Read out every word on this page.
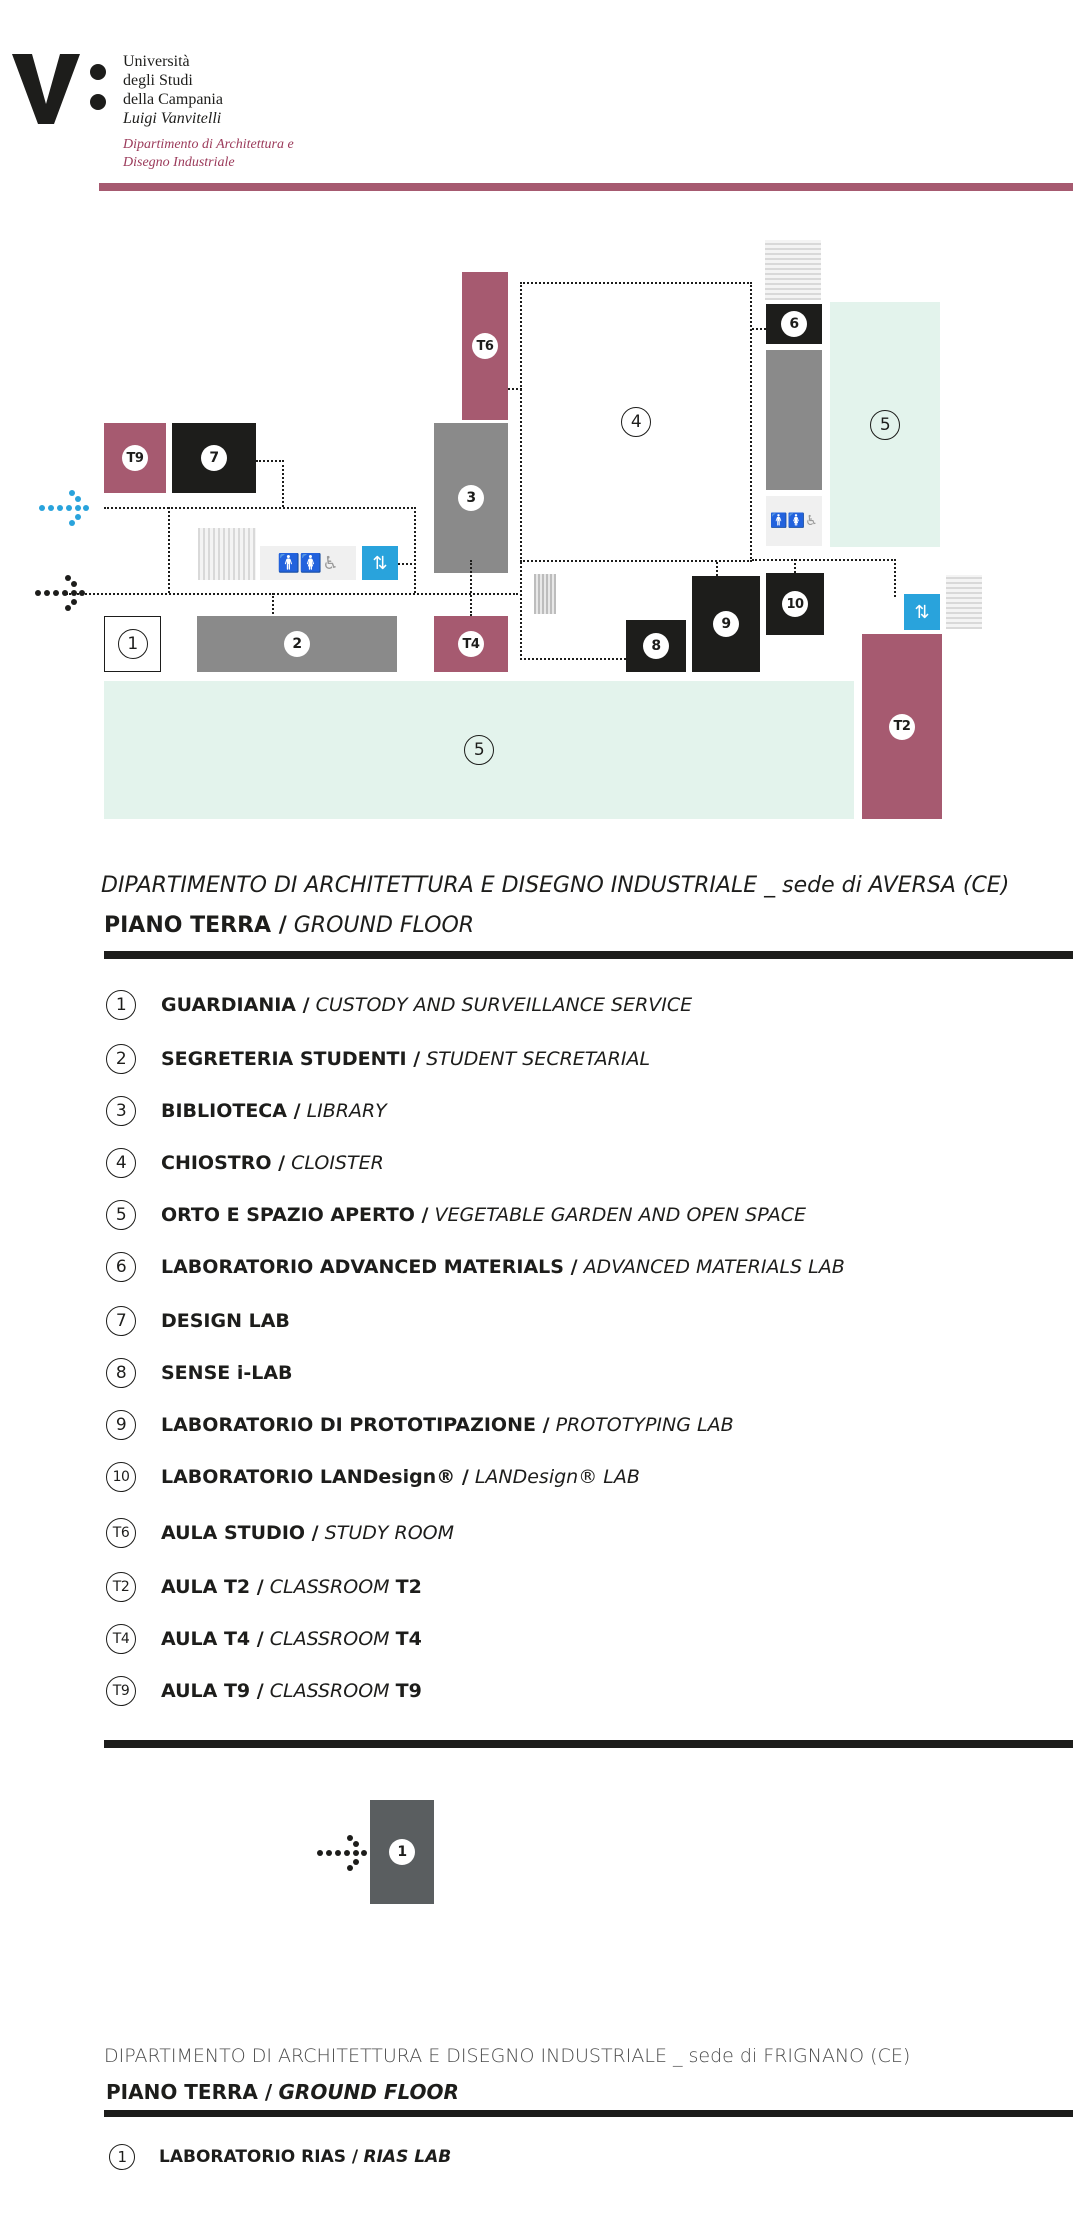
Università
degli Studi
della Campania
Luigi Vanvitelli
Dipartimento di Architettura e
Disegno Industriale
5
5
4
T9	7
T6
3
T4
2
1
6
8
9
10
T2
🚹🚺♿
🚹🚺♿
⇅
⇅
DIPARTIMENTO DI ARCHITETTURA E DISEGNO INDUSTRIALE _ sede di AVERSA (CE)
PIANO TERRA / GROUND FLOOR
1	GUARDIANIA / CUSTODY AND SURVEILLANCE SERVICE
2	SEGRETERIA STUDENTI / STUDENT SECRETARIAL
3	BIBLIOTECA / LIBRARY
4	CHIOSTRO / CLOISTER
5	ORTO E SPAZIO APERTO / VEGETABLE GARDEN AND OPEN SPACE
6	LABORATORIO ADVANCED MATERIALS / ADVANCED MATERIALS LAB
7	DESIGN LAB
8	SENSE i-LAB
9	LABORATORIO DI PROTOTIPAZIONE / PROTOTYPING LAB
10	LABORATORIO LANDesign® / LANDesign® LAB
T6	AULA STUDIO / STUDY ROOM
T2	AULA T2 / CLASSROOM T2
T4	AULA T4 / CLASSROOM T4
T9	AULA T9 / CLASSROOM T9
1
DIPARTIMENTO DI ARCHITETTURA E DISEGNO INDUSTRIALE _ sede di FRIGNANO (CE)
PIANO TERRA / GROUND FLOOR
1	LABORATORIO RIAS / RIAS LAB
